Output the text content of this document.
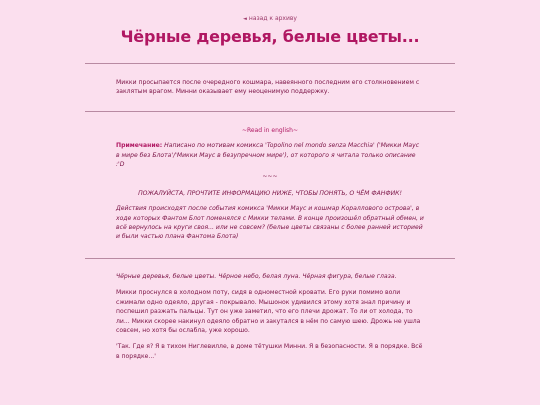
◄ назад к архиву
Чёрные деревья, белые цветы...
Микки просыпается после очередного кошмара, навеянного последним его столкновением с заклятым врагом. Минни оказывает ему неоценимую поддержку.
~Read in english~
Примечание: Написано по мотивам комикса 'Topolino nel mondo senza Macchia' ('Микки Маус в мире без Блота'/'Микки Маус в безупречном мире'), от которого я читала только описание :'D
~~~
ПОЖАЛУЙСТА, ПРОЧТИТЕ ИНФОРМАЦИЮ НИЖЕ, ЧТОБЫ ПОНЯТЬ, О ЧЁМ ФАНФИК!
Действия происходят после события комикса 'Микки Маус и кошмар Кораллового острова', в ходе которых Фантом Блот поменялся с Микки телами. В конце произошёл обратный обмен, и всё вернулось на круги своя... или не совсем? (белые цветы связаны с более ранней историей и были частью плана Фантома Блота)

Чёрные деревья, белые цветы. Чёрное небо, белая луна. Чёрная фигура, белые глаза.

Микки проснулся в холодном поту, сидя в одноместной кровати. Его руки помимо воли сжимали одно одеяло, другая - покрывало. Мышонок удивился этому хотя знал причину и поспешил разжать пальцы. Тут он уже заметил, что его плечи дрожат. То ли от холода, то ли... Микки скорее накинул одеяло обратно и закутался в нём по самую шею. Дрожь не ушла совсем, но хотя бы ослабла, уже хорошо.

'Так. Где я? Я в тихом Ниглевилле, в доме тётушки Минни. Я в безопасности. Я в порядке. Всё в порядке...'
